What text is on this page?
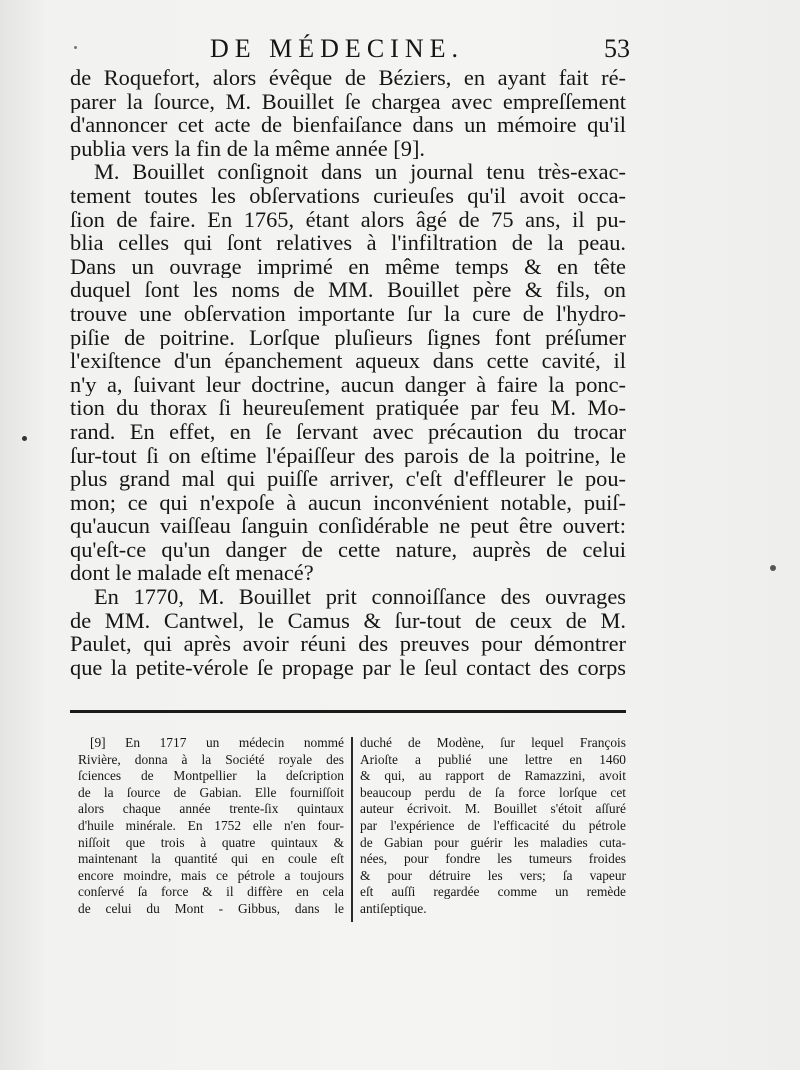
DE MÉDECINE.	53
de Roquefort, alors évêque de Béziers, en ayant fait ré-
parer la ſource, M. Bouillet ſe chargea avec empreſſement
d'annoncer cet acte de bienfaiſance dans un mémoire qu'il
publia vers la fin de la même année [9].
M. Bouillet conſignoit dans un journal tenu très-exac-
tement toutes les obſervations curieuſes qu'il avoit occa-
ſion de faire. En 1765, étant alors âgé de 75 ans, il pu-
blia celles qui ſont relatives à l'infiltration de la peau.
Dans un ouvrage imprimé en même temps & en tête
duquel ſont les noms de MM. Bouillet père & fils, on
trouve une obſervation importante ſur la cure de l'hydro-
piſie de poitrine. Lorſque pluſieurs ſignes font préſumer
l'exiſtence d'un épanchement aqueux dans cette cavité, il
n'y a, ſuivant leur doctrine, aucun danger à faire la ponc-
tion du thorax ſi heureuſement pratiquée par feu M. Mo-
rand. En effet, en ſe ſervant avec précaution du trocar
ſur-tout ſi on eſtime l'épaiſſeur des parois de la poitrine, le
plus grand mal qui puiſſe arriver, c'eſt d'effleurer le pou-
mon; ce qui n'expoſe à aucun inconvénient notable, puiſ-
qu'aucun vaiſſeau ſanguin conſidérable ne peut être ouvert:
qu'eſt-ce qu'un danger de cette nature, auprès de celui
dont le malade eſt menacé?
En 1770, M. Bouillet prit connoiſſance des ouvrages
de MM. Cantwel, le Camus & ſur-tout de ceux de M.
Paulet, qui après avoir réuni des preuves pour démontrer
que la petite-vérole ſe propage par le ſeul contact des corps
[9] En 1717 un médecin nommé
Rivière, donna à la Société royale des
ſciences de Montpellier la deſcription
de la ſource de Gabian. Elle fourniſſoit
alors chaque année trente-ſix quintaux
d'huile minérale. En 1752 elle n'en four-
niſſoit que trois à quatre quintaux &
maintenant la quantité qui en coule eſt
encore moindre, mais ce pétrole a toujours
conſervé ſa force & il diffère en cela
de celui du Mont - Gibbus, dans le
duché de Modène, ſur lequel François
Arioſte a publié une lettre en 1460
& qui, au rapport de Ramazzini, avoit
beaucoup perdu de ſa force lorſque cet
auteur écrivoit. M. Bouillet s'étoit aſſuré
par l'expérience de l'efficacité du pétrole
de Gabian pour guérir les maladies cuta-
nées, pour fondre les tumeurs froides
& pour détruire les vers; ſa vapeur
eſt auſſi regardée comme un remède
antiſeptique.
